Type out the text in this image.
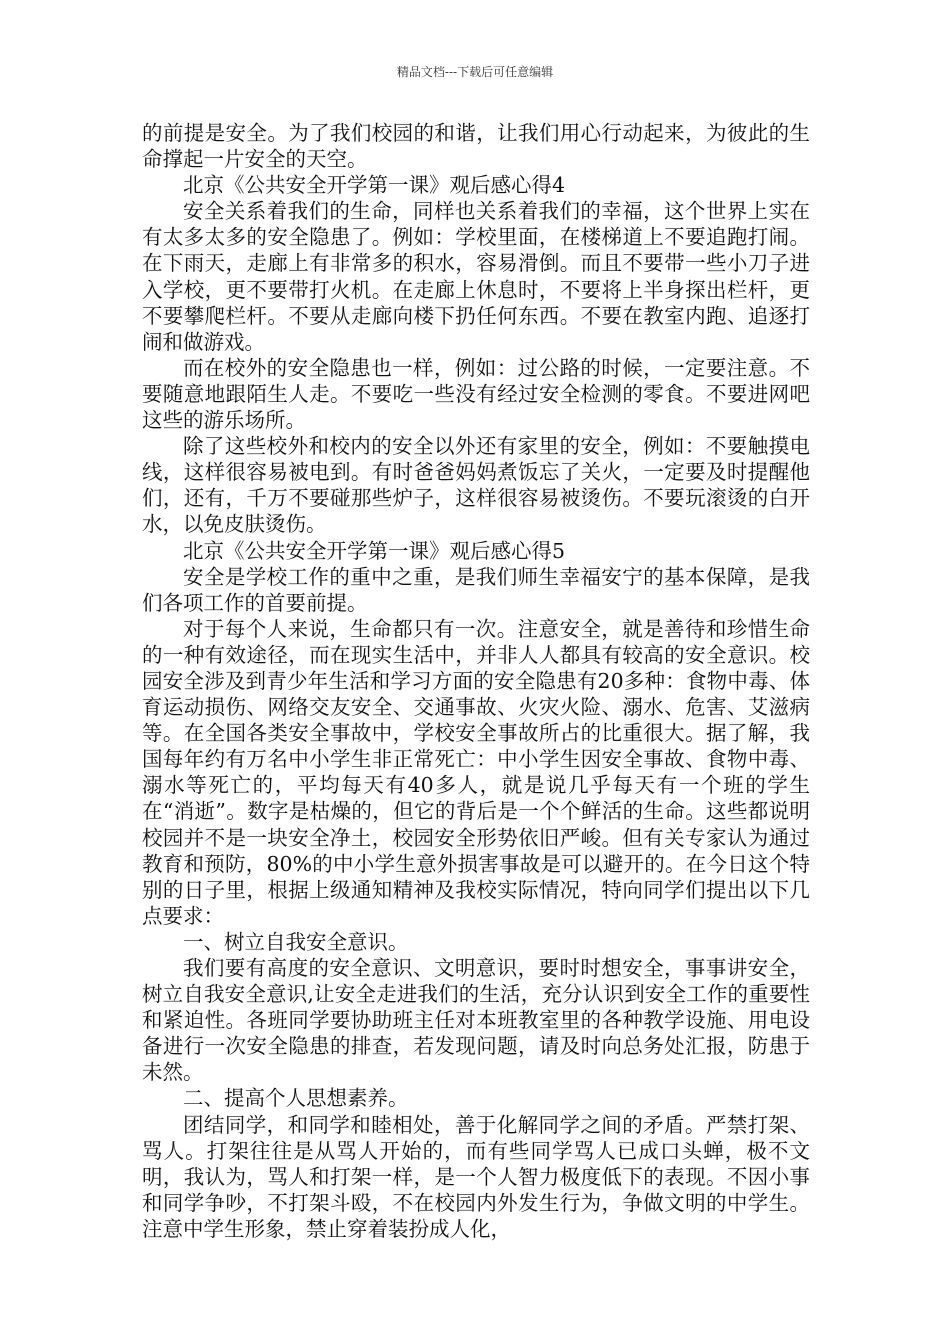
精品文档---下载后可任意编辑

的前提是安全。为了我们校园的和谐，让我们用心行动起来，为彼此的生命撑起一片安全的天空。

北京《公共安全开学第一课》观后感心得4

安全关系着我们的生命，同样也关系着我们的幸福，这个世界上实在有太多太多的安全隐患了。例如：学校里面，在楼梯道上不要追跑打闹。在下雨天，走廊上有非常多的积水，容易滑倒。而且不要带一些小刀子进入学校，更不要带打火机。在走廊上休息时，不要将上半身探出栏杆，更不要攀爬栏杆。不要从走廊向楼下扔任何东西。不要在教室内跑、追逐打闹和做游戏。

而在校外的安全隐患也一样，例如：过公路的时候，一定要注意。不要随意地跟陌生人走。不要吃一些没有经过安全检测的零食。不要进网吧这些的游乐场所。

除了这些校外和校内的安全以外还有家里的安全，例如：不要触摸电线，这样很容易被电到。有时爸爸妈妈煮饭忘了关火，一定要及时提醒他们，还有，千万不要碰那些炉子，这样很容易被烫伤。不要玩滚烫的白开水，以免皮肤烫伤。

北京《公共安全开学第一课》观后感心得5

安全是学校工作的重中之重，是我们师生幸福安宁的基本保障，是我们各项工作的首要前提。

对于每个人来说，生命都只有一次。注意安全，就是善待和珍惜生命的一种有效途径，而在现实生活中，并非人人都具有较高的安全意识。校园安全涉及到青少年生活和学习方面的安全隐患有20多种：食物中毒、体育运动损伤、网络交友安全、交通事故、火灾火险、溺水、危害、艾滋病等。在全国各类安全事故中，学校安全事故所占的比重很大。据了解，我国每年约有万名中小学生非正常死亡：中小学生因安全事故、食物中毒、溺水等死亡的，平均每天有40多人，就是说几乎每天有一个班的学生在“消逝”。数字是枯燥的，但它的背后是一个个鲜活的生命。这些都说明校园并不是一块安全净土，校园安全形势依旧严峻。但有关专家认为通过教育和预防，80%的中小学生意外损害事故是可以避开的。在今日这个特别的日子里，根据上级通知精神及我校实际情况，特向同学们提出以下几点要求：

一、树立自我安全意识。

我们要有高度的安全意识、文明意识，要时时想安全，事事讲安全，树立自我安全意识,让安全走进我们的生活，充分认识到安全工作的重要性和紧迫性。各班同学要协助班主任对本班教室里的各种教学设施、用电设备进行一次安全隐患的排查，若发现问题，请及时向总务处汇报，防患于未然。

二、提高个人思想素养。

团结同学，和同学和睦相处，善于化解同学之间的矛盾。严禁打架、骂人。打架往往是从骂人开始的，而有些同学骂人已成口头蝉，极不文明，我认为，骂人和打架一样，是一个人智力极度低下的表现。不因小事和同学争吵，不打架斗殴，不在校园内外发生行为，争做文明的中学生。注意中学生形象，禁止穿着装扮成人化，
